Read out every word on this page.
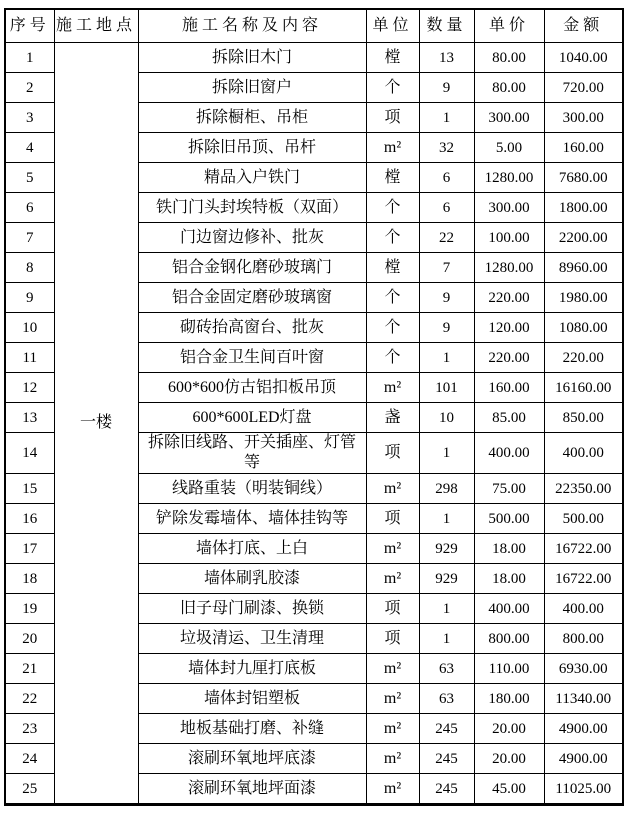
序号	施工地点	施工名称及内容	单位	数量	单价	金额
1	一楼	拆除旧木门	樘	13	80.00	1040.00
2		拆除旧窗户	个	9	80.00	720.00
3		拆除橱柜、吊柜	项	1	300.00	300.00
4		拆除旧吊顶、吊杆	m²	32	5.00	160.00
5		精品入户铁门	樘	6	1280.00	7680.00
6		铁门门头封埃特板（双面）	个	6	300.00	1800.00
7		门边窗边修补、批灰	个	22	100.00	2200.00
8		铝合金钢化磨砂玻璃门	樘	7	1280.00	8960.00
9		铝合金固定磨砂玻璃窗	个	9	220.00	1980.00
10		砌砖抬高窗台、批灰	个	9	120.00	1080.00
11		铝合金卫生间百叶窗	个	1	220.00	220.00
12		600*600仿古铝扣板吊顶	m²	101	160.00	16160.00
13		600*600LED灯盘	盏	10	85.00	850.00
14		拆除旧线路、开关插座、灯管等	项	1	400.00	400.00
15		线路重装（明装铜线）	m²	298	75.00	22350.00
16		铲除发霉墙体、墙体挂钩等	项	1	500.00	500.00
17		墙体打底、上白	m²	929	18.00	16722.00
18		墙体刷乳胶漆	m²	929	18.00	16722.00
19		旧子母门刷漆、换锁	项	1	400.00	400.00
20		垃圾清运、卫生清理	项	1	800.00	800.00
21		墙体封九厘打底板	m²	63	110.00	6930.00
22		墙体封铝塑板	m²	63	180.00	11340.00
23		地板基础打磨、补缝	m²	245	20.00	4900.00
24		滚刷环氧地坪底漆	m²	245	20.00	4900.00
25		滚刷环氧地坪面漆	m²	245	45.00	11025.00
